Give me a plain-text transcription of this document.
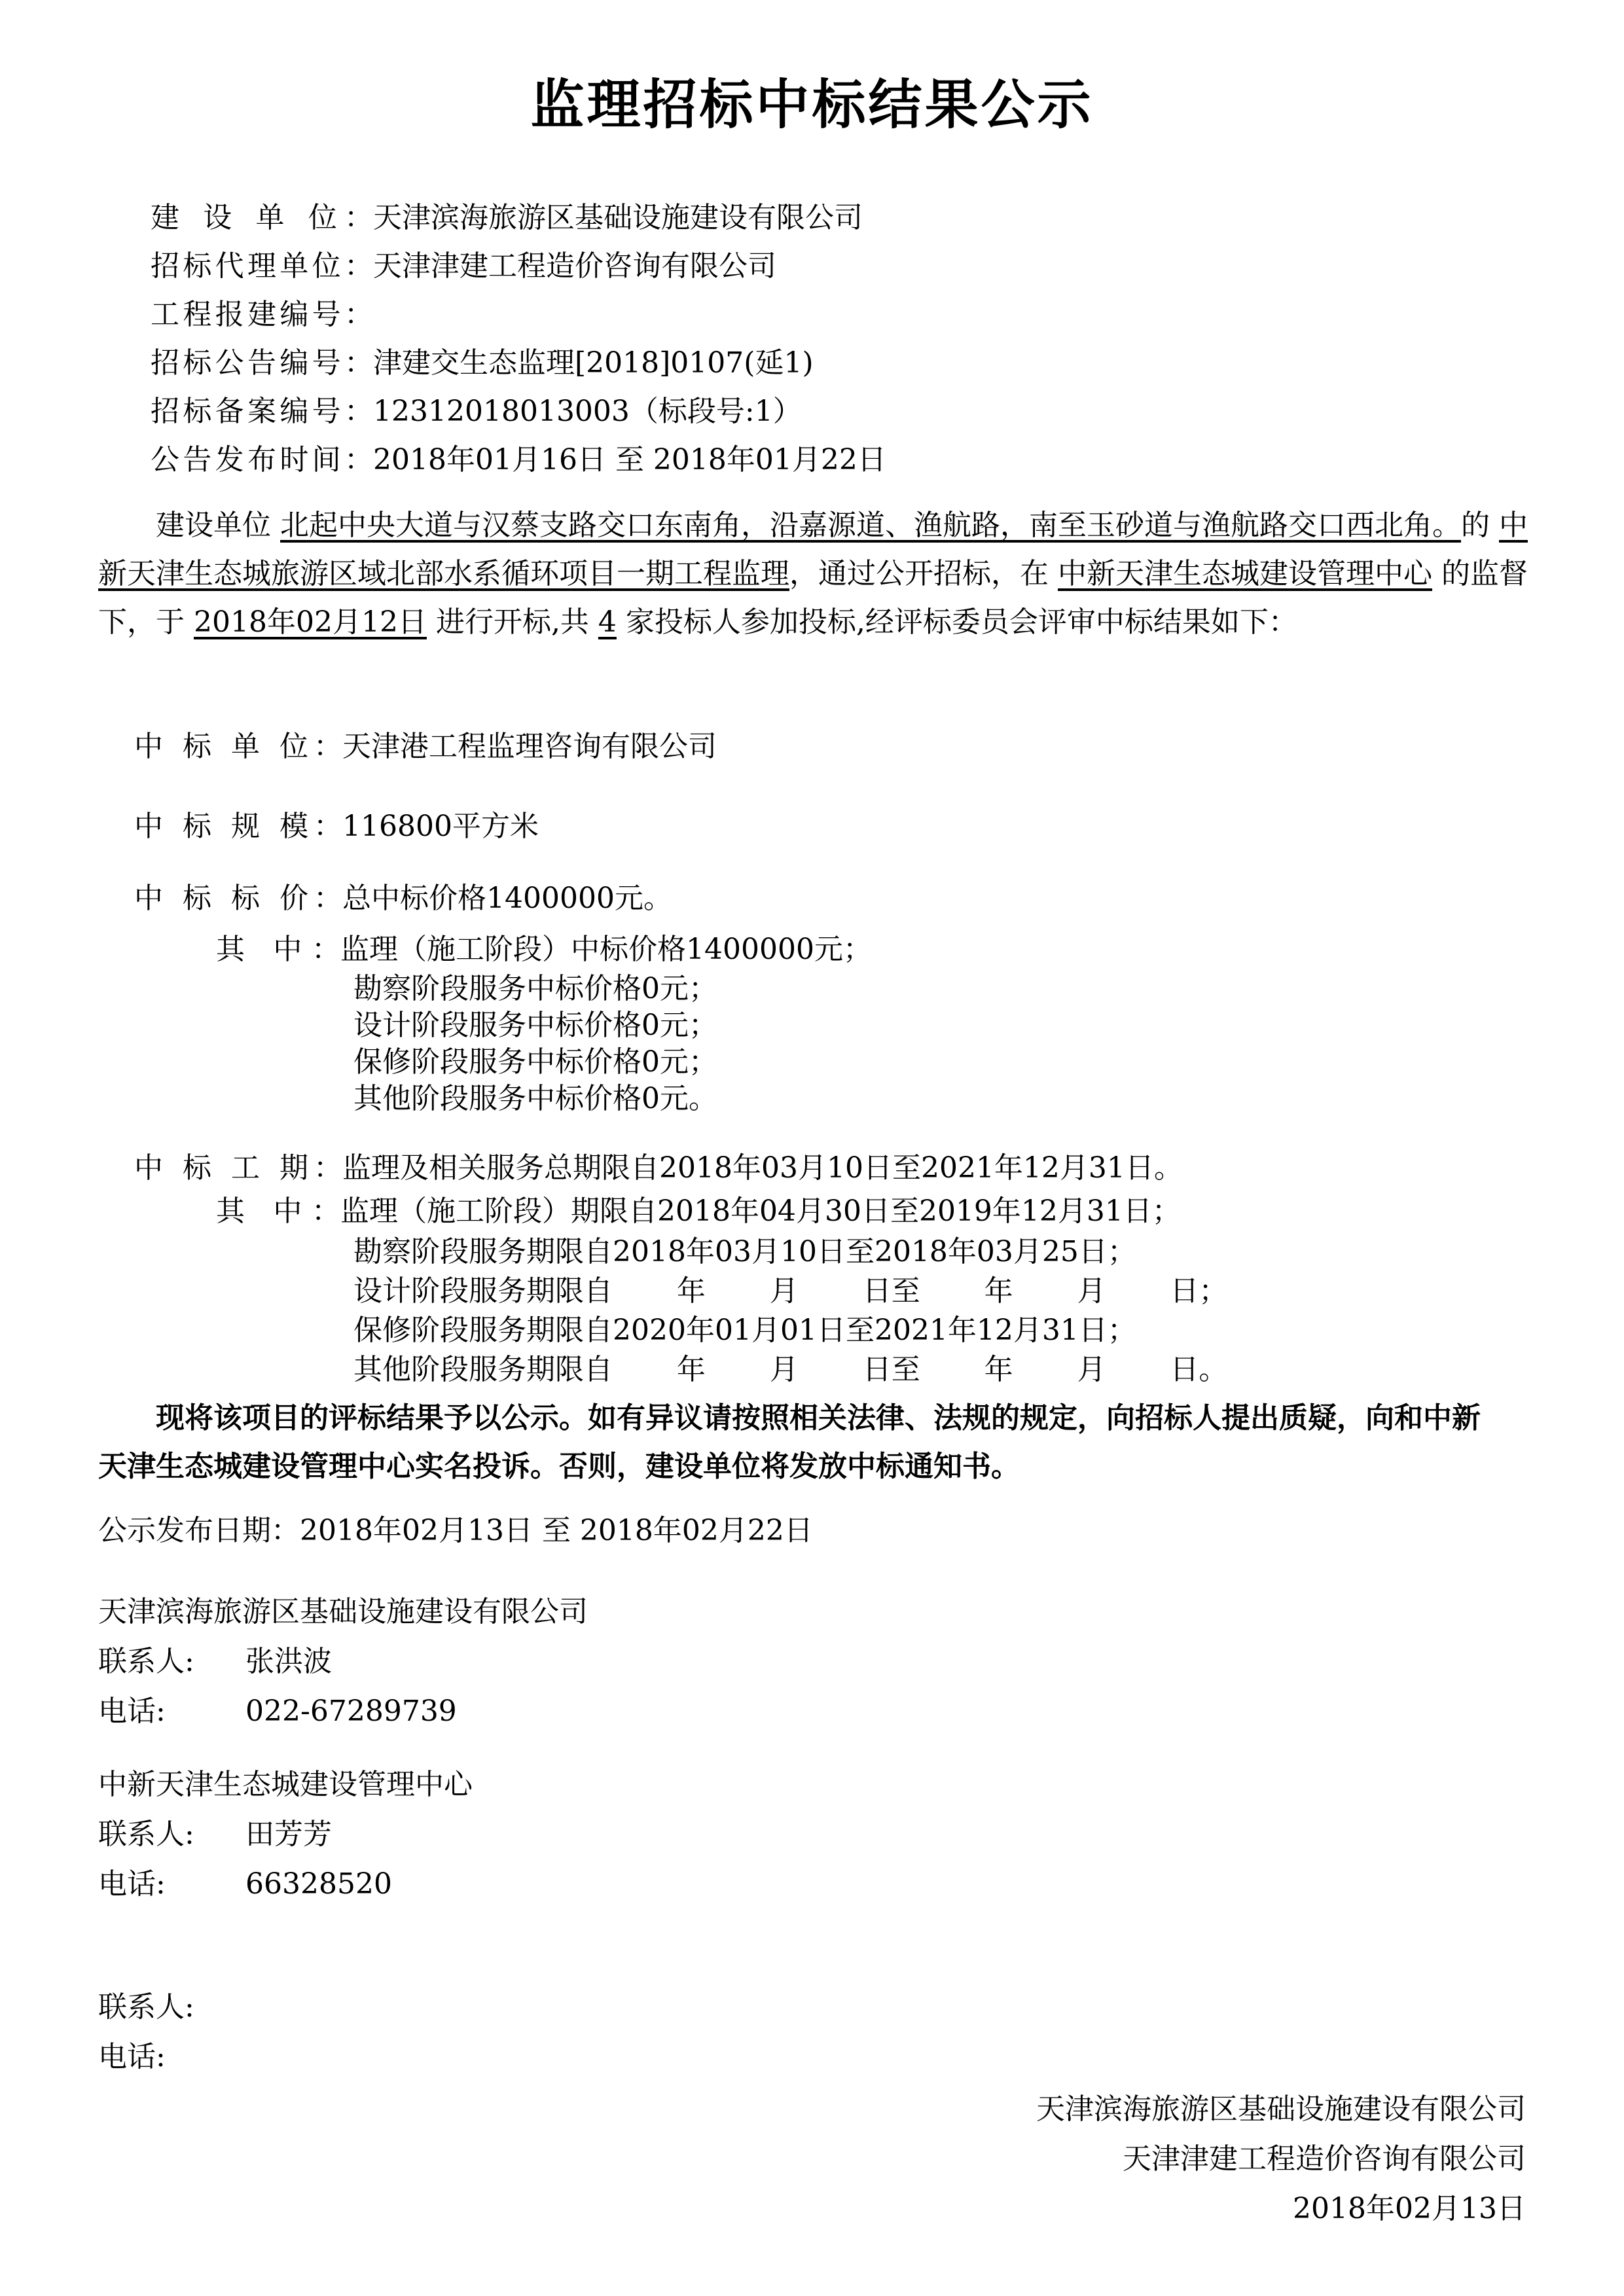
监理招标中标结果公示
建 设 单 位：天津滨海旅游区基础设施建设有限公司
招标代理单位：天津津建工程造价咨询有限公司
工程报建编号：
招标公告编号：津建交生态监理[2018]0107(延1)
招标备案编号：12312018013003（标段号:1）
公告发布时间：2018年01月16日 至 2018年01月22日
建设单位 北起中央大道与汉蔡支路交口东南角，沿嘉源道、渔航路，南至玉砂道与渔航路交口西北角。的 中新天津生态城旅游区域北部水系循环项目一期工程监理，通过公开招标，在 中新天津生态城建设管理中心 的监督下，于 2018年02月12日 进行开标,共 4 家投标人参加投标,经评标委员会评审中标结果如下：
中 标 单 位：天津港工程监理咨询有限公司
中 标 规 模：116800平方米
中 标 标 价：总中标价格1400000元。
其 中：监理（施工阶段）中标价格1400000元；
勘察阶段服务中标价格0元；
设计阶段服务中标价格0元；
保修阶段服务中标价格0元；
其他阶段服务中标价格0元。
中 标 工 期：监理及相关服务总期限自2018年03月10日至2021年12月31日。
其 中：监理（施工阶段）期限自2018年04月30日至2019年12月31日；
勘察阶段服务期限自2018年03月10日至2018年03月25日；
设计阶段服务期限自       年       月       日至       年       月       日；
保修阶段服务期限自2020年01月01日至2021年12月31日；
其他阶段服务期限自       年       月       日至       年       月       日。
现将该项目的评标结果予以公示。如有异议请按照相关法律、法规的规定，向招标人提出质疑，向和中新天津生态城建设管理中心实名投诉。否则，建设单位将发放中标通知书。
公示发布日期：2018年02月13日 至 2018年02月22日
天津滨海旅游区基础设施建设有限公司
联系人: 张洪波
电话:	022-67289739
中新天津生态城建设管理中心
联系人: 田芳芳
电话:	66328520
联系人:
电话:
天津滨海旅游区基础设施建设有限公司
天津津建工程造价咨询有限公司
2018年02月13日
